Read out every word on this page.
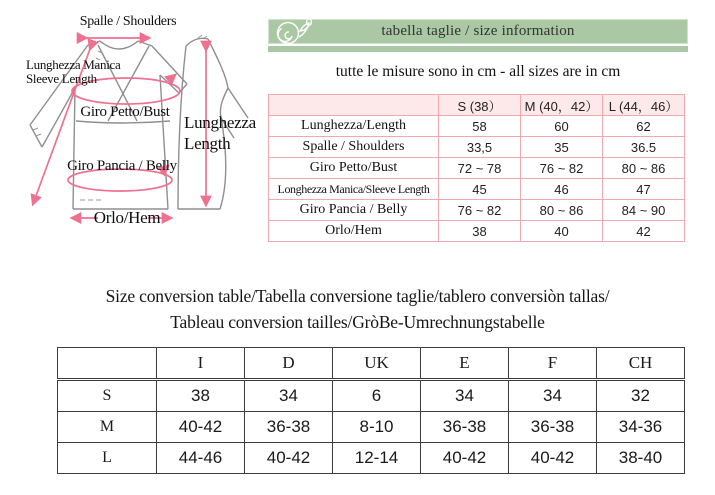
Spalle / Shoulders
Lunghezza Manica
Sleeve Length
Giro Petto/Bust
Lunghezza
Length
Giro Pancia / Belly
Orlo/Hem
tabella taglie / size information
tutte le misure sono in cm - all sizes are in cm
	S (38）	M (40，42）	L (44，46）
Lunghezza/Length	58	60	62
Spalle / Shoulders	33,5	35	36.5
Giro Petto/Bust	72 ~ 78	76 ~ 82	80 ~ 86
Longhezza Manica/Sleeve Length	45	46	47
Giro Pancia / Belly	76 ~ 82	80 ~ 86	84 ~ 90
Orlo/Hem	38	40	42
Size conversion table/Tabella conversione taglie/tablero conversiòn tallas/
Tableau conversion tailles/GròBe-Umrechnungstabelle
	I	D	UK	E	F	CH
S	38	34	6	34	34	32
M	40-42	36-38	8-10	36-38	36-38	34-36
L	44-46	40-42	12-14	40-42	40-42	38-40
